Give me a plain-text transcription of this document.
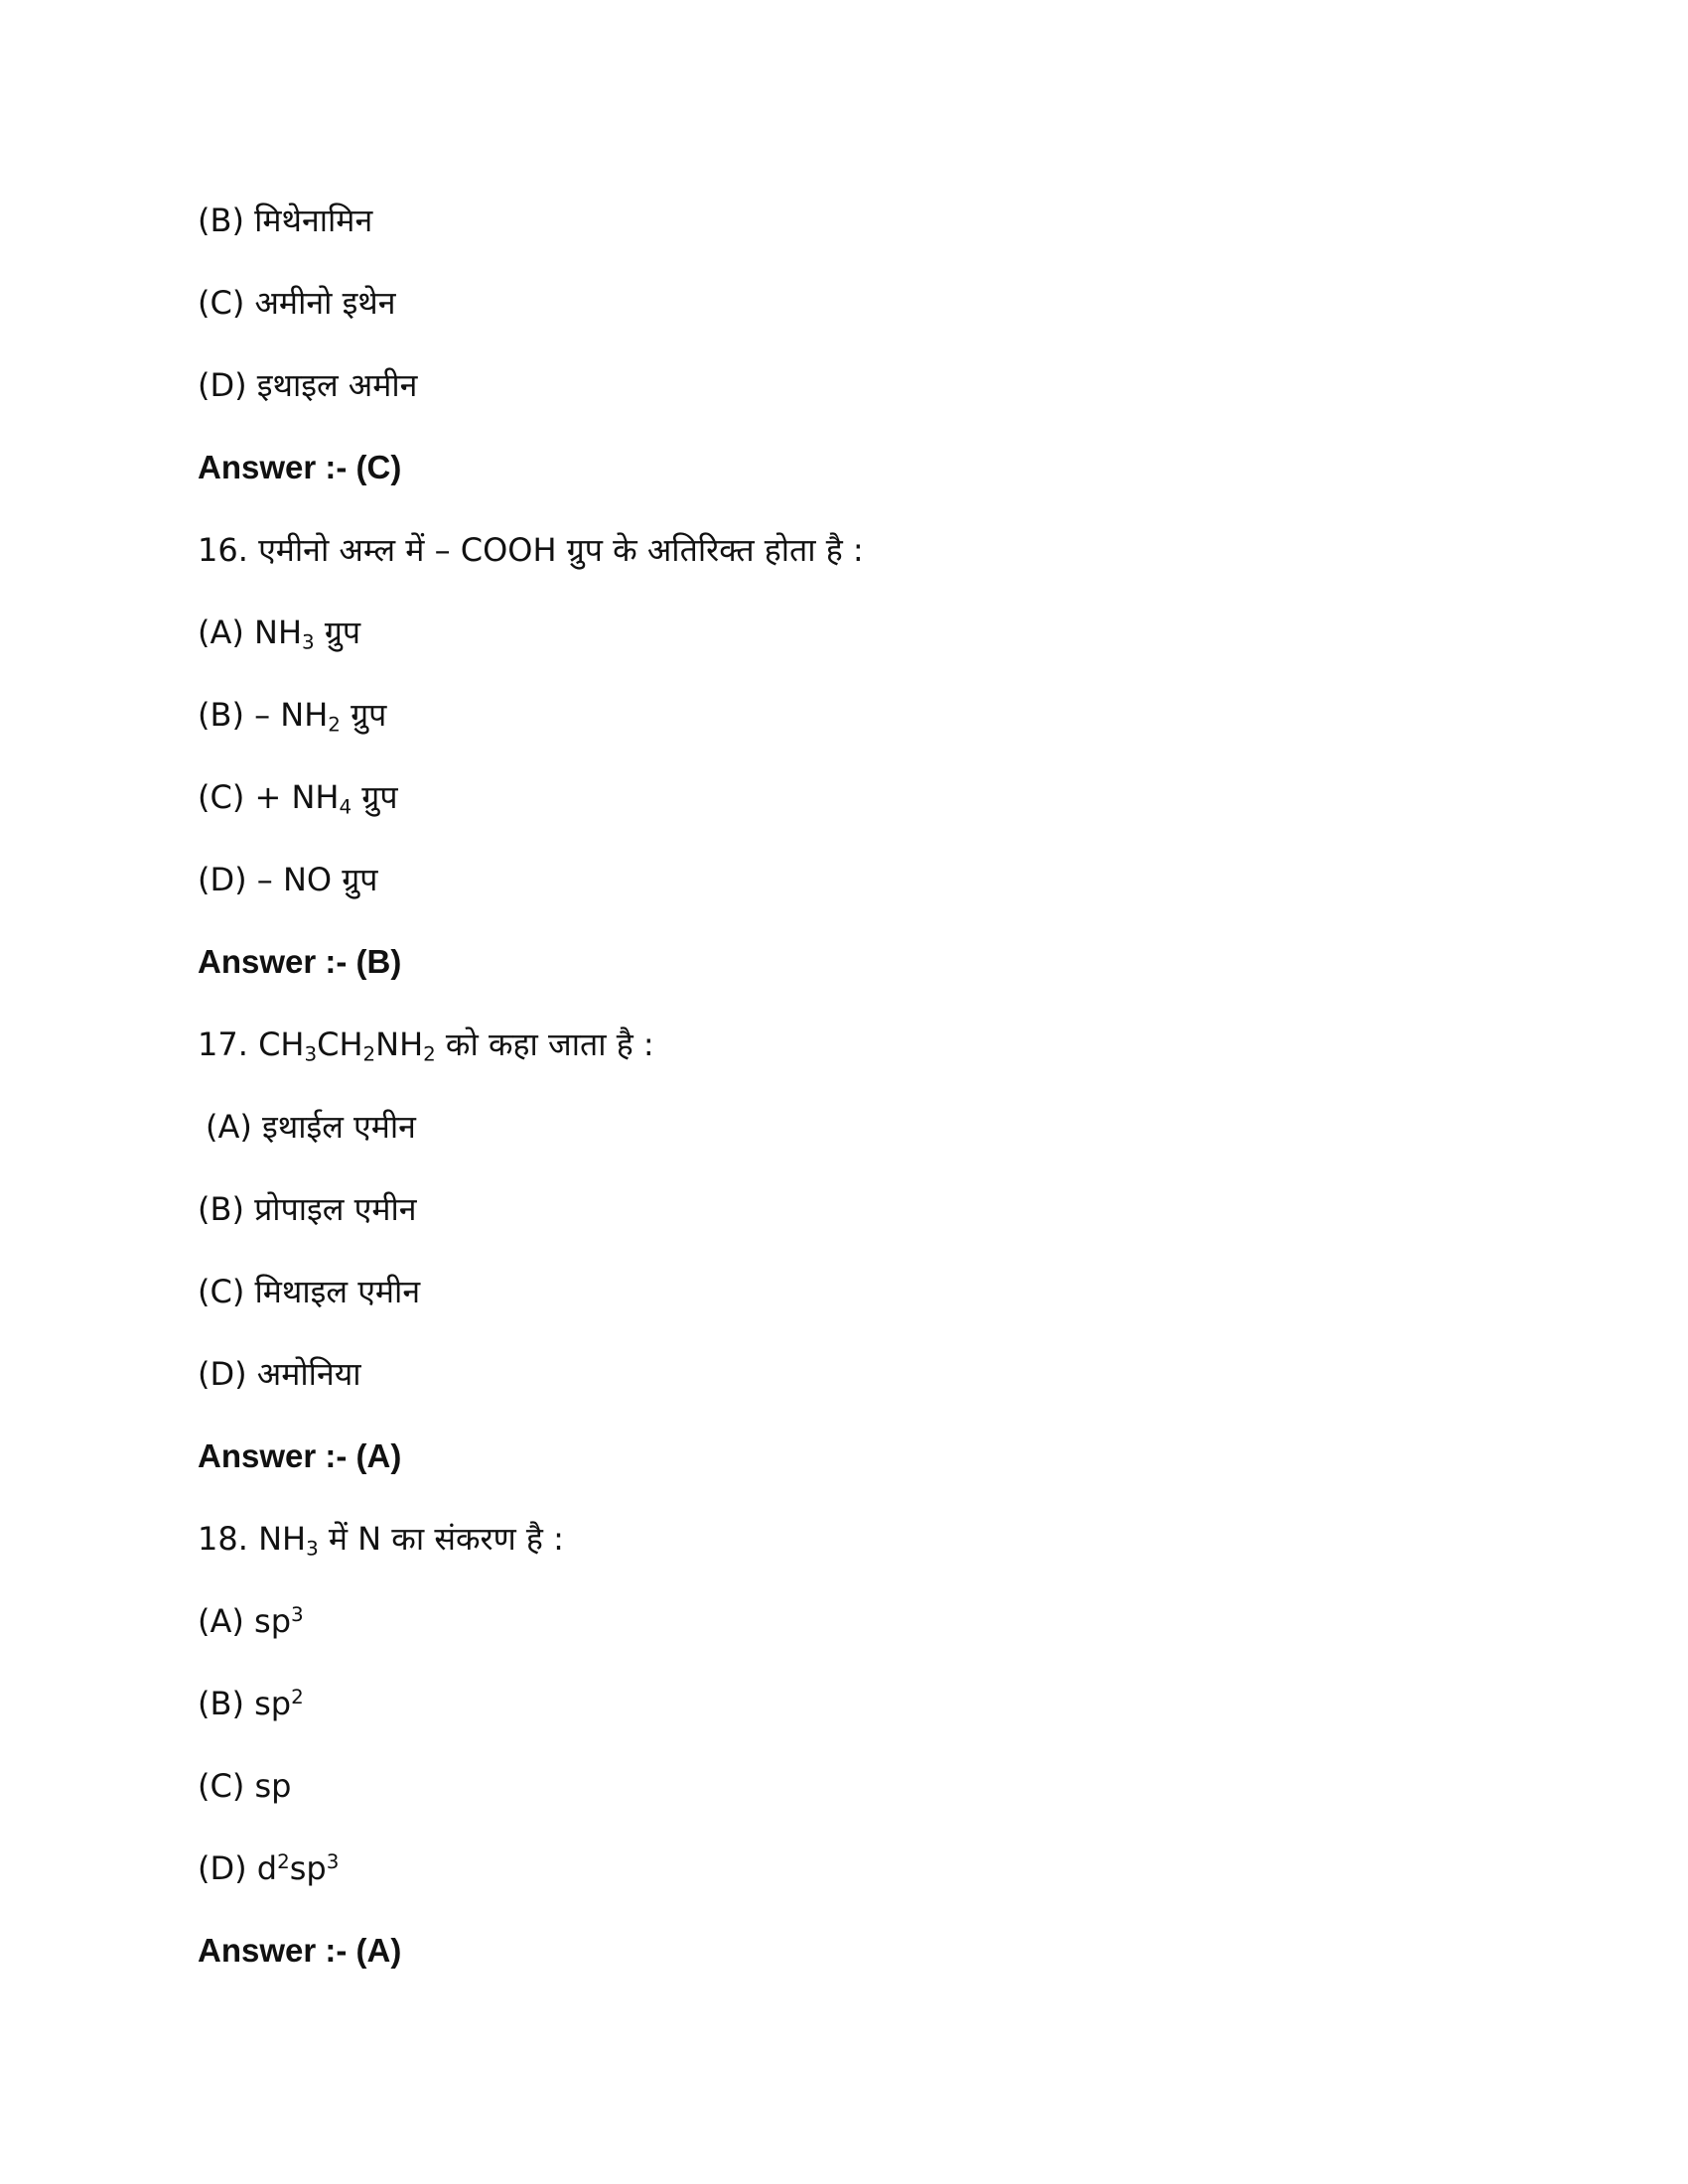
(B) मिथेनामिन
(C) अमीनो इथेन
(D) इथाइल अमीन
Answer :- (C)
16. एमीनो अम्ल में – COOH ग्रुप के अतिरिक्त होता है :
(A) $NH_3$ ग्रुप
$(B) - NH_2$ ग्रुप
$(C) + NH_4$ ग्रुप
(D) – NO ग्रुप
Answer :- (B)
17. $CH_3CH_2NH_2$ को कहा जाता है :
(A) इथाईल एमीन
(B) प्रोपाइल एमीन
(C) मिथाइल एमीन
(D) अमोनिया
Answer :- (A)
18. $NH_3$ में N का संकरण है :
(A) $sp^3$
(B) $sp^2$
(C) sp
(D) $d^2sp^3$
Answer :- (A)
